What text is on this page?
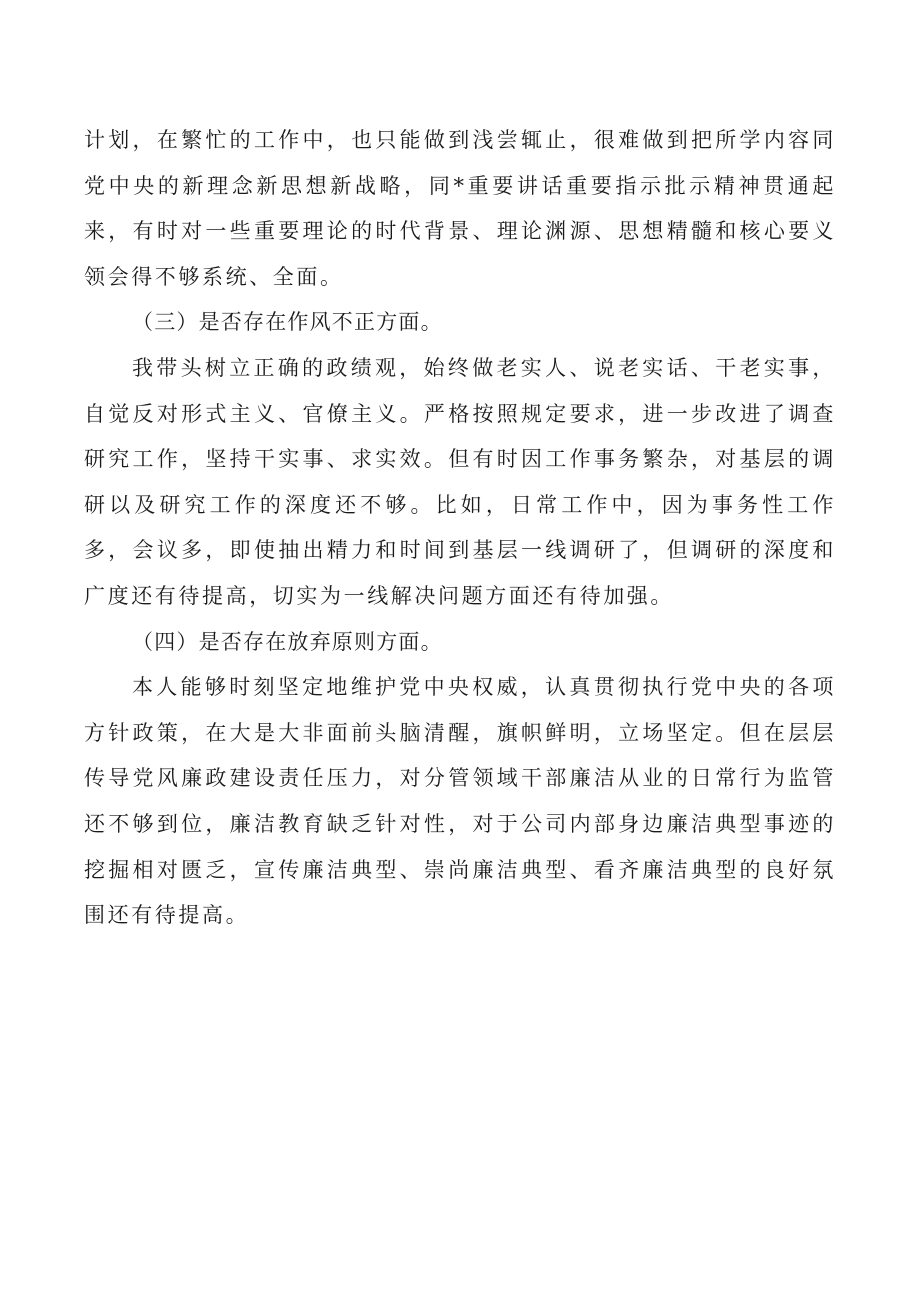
计划，在繁忙的工作中，也只能做到浅尝辄止，很难做到把所学内容同党中央的新理念新思想新战略，同*重要讲话重要指示批示精神贯通起来，有时对一些重要理论的时代背景、理论渊源、思想精髓和核心要义领会得不够系统、全面。

（三）是否存在作风不正方面。

我带头树立正确的政绩观，始终做老实人、说老实话、干老实事，自觉反对形式主义、官僚主义。严格按照规定要求，进一步改进了调查研究工作，坚持干实事、求实效。但有时因工作事务繁杂，对基层的调研以及研究工作的深度还不够。比如，日常工作中，因为事务性工作多，会议多，即使抽出精力和时间到基层一线调研了，但调研的深度和广度还有待提高，切实为一线解决问题方面还有待加强。

（四）是否存在放弃原则方面。

本人能够时刻坚定地维护党中央权威，认真贯彻执行党中央的各项方针政策，在大是大非面前头脑清醒，旗帜鲜明，立场坚定。但在层层传导党风廉政建设责任压力，对分管领域干部廉洁从业的日常行为监管还不够到位，廉洁教育缺乏针对性，对于公司内部身边廉洁典型事迹的挖掘相对匮乏，宣传廉洁典型、崇尚廉洁典型、看齐廉洁典型的良好氛围还有待提高。
